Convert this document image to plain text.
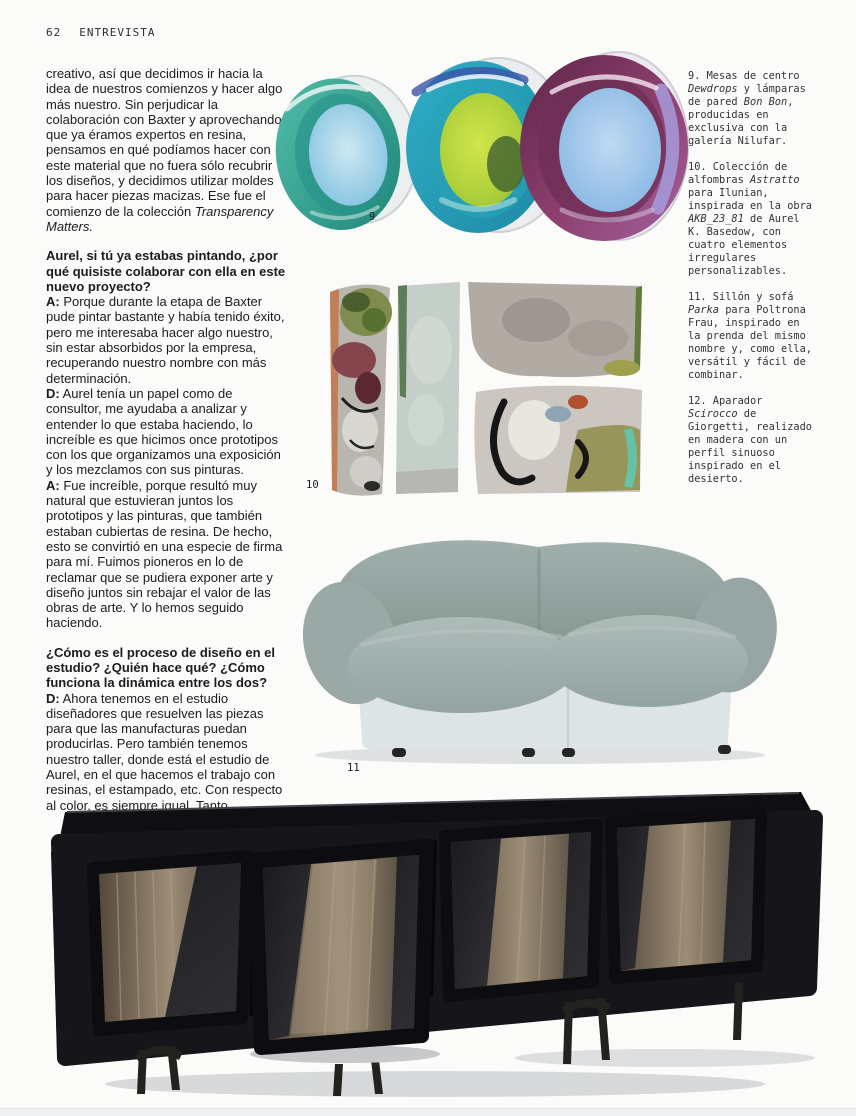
62 ENTREVISTA

creativo, así que decidimos ir hacia la idea de nuestros comienzos y hacer algo más nuestro. Sin perjudicar la colaboración con Baxter y aprovechando que ya éramos expertos en resina, pensamos en qué podíamos hacer con este material que no fuera sólo recubrir los diseños, y decidimos utilizar moldes para hacer piezas macizas. Ese fue el comienzo de la colección Transparency Matters.

Aurel, si tú ya estabas pintando, ¿por qué quisiste colaborar con ella en este nuevo proyecto?

A: Porque durante la etapa de Baxter pude pintar bastante y había tenido éxito, pero me interesaba hacer algo nuestro, sin estar absorbidos por la empresa, recuperando nuestro nombre con más determinación.

D: Aurel tenía un papel como de consultor, me ayudaba a analizar y entender lo que estaba haciendo, lo increíble es que hicimos once prototipos con los que organizamos una exposición y los mezclamos con sus pinturas.

A: Fue increíble, porque resultó muy natural que estuvieran juntos los prototipos y las pinturas, que también estaban cubiertas de resina. De hecho, esto se convirtió en una especie de firma para mí. Fuimos pioneros en lo de reclamar que se pudiera exponer arte y diseño juntos sin rebajar el valor de las obras de arte. Y lo hemos seguido haciendo.

¿Cómo es el proceso de diseño en el estudio? ¿Quién hace qué? ¿Cómo funciona la dinámica entre los dos?

D: Ahora tenemos en el estudio diseñadores que resuelven las piezas para que las manufacturas puedan producirlas. Pero también tenemos nuestro taller, donde está el estudio de Aurel, en el que hacemos el trabajo con resinas, el estampado, etc. Con respecto al color, es siempre igual. Tanto

9. Mesas de centro Dewdrops y lámparas de pared Bon Bon, producidas en exclusiva con la galería Nilufar.

10. Colección de alfombras Astratto para Ilunian, inspirada en la obra AKB_23_81 de Aurel K. Basedow, con cuatro elementos irregulares personalizables.

11. Sillón y sofá Parka para Poltrona Frau, inspirado en la prenda del mismo nombre y, como ella, versátil y fácil de combinar.

12. Aparador Scirocco de Giorgetti, realizado en madera con un perfil sinuoso inspirado en el desierto.

9
10
11
12
